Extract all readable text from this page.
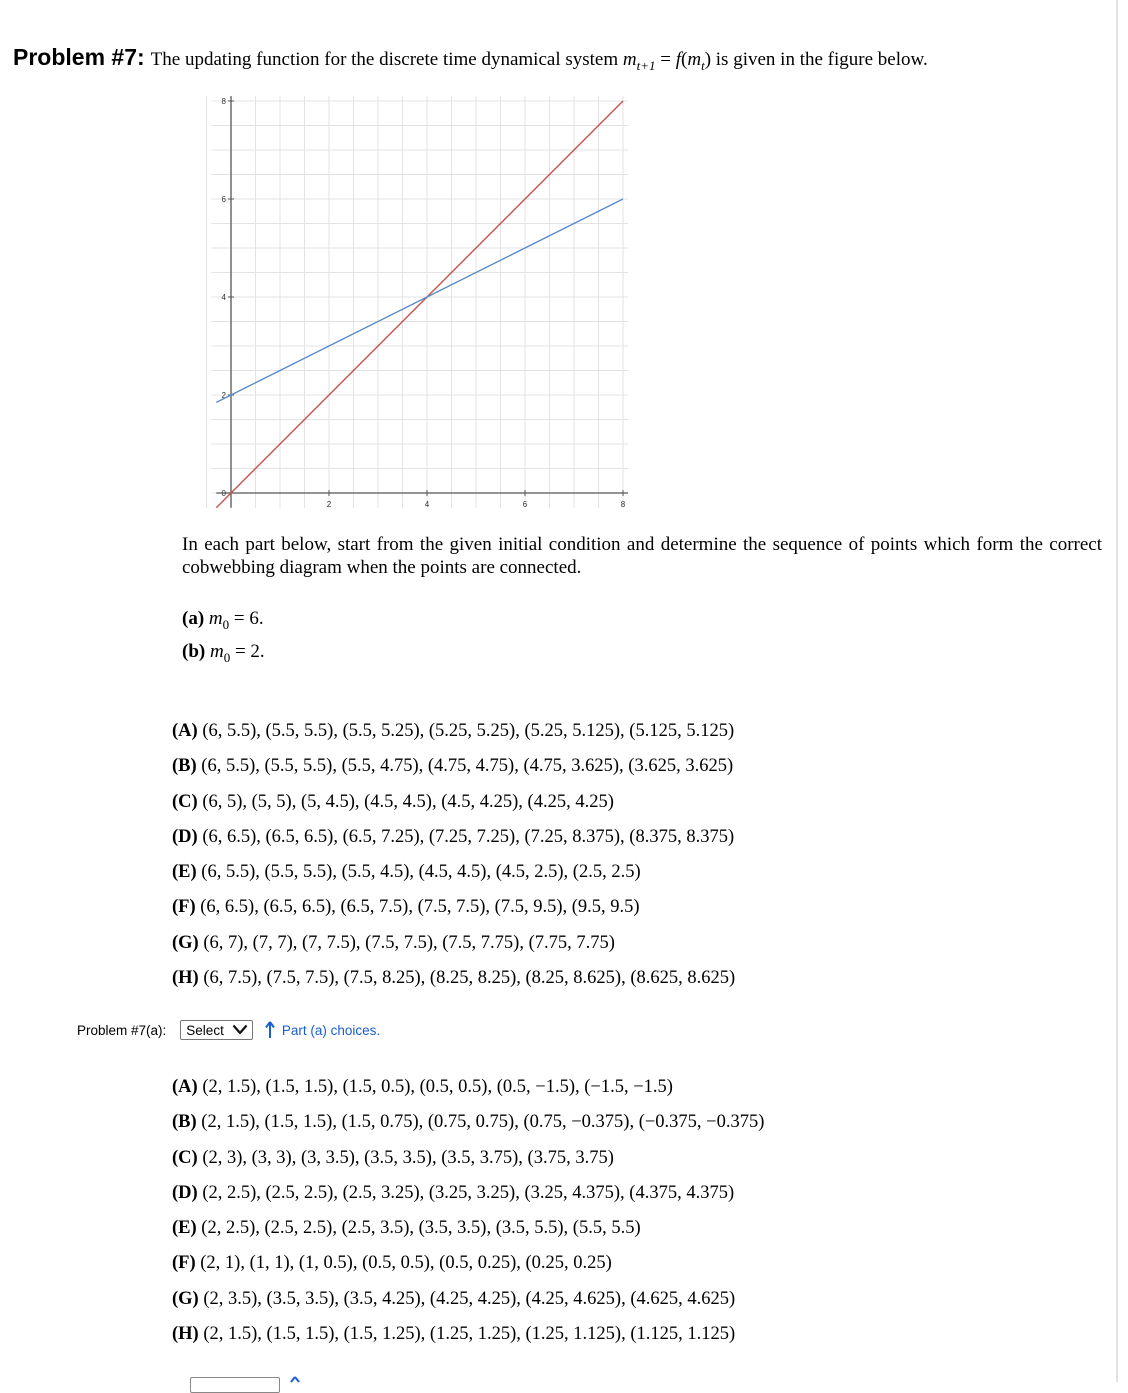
Problem #7: The updating function for the discrete time dynamical system $m_{t+1} = f(m_t)$ is given in the figure below.
2	4	6	8
2
4
6
8
0
In each part below, start from the given initial condition and determine the sequence of points which form the correct cobwebbing diagram when the points are connected.
(a) $m_0 = 6$.
(b) $m_0 = 2$.
(A) (6, 5.5), (5.5, 5.5), (5.5, 5.25), (5.25, 5.25), (5.25, 5.125), (5.125, 5.125)
(B) (6, 5.5), (5.5, 5.5), (5.5, 4.75), (4.75, 4.75), (4.75, 3.625), (3.625, 3.625)
(C) (6, 5), (5, 5), (5, 4.5), (4.5, 4.5), (4.5, 4.25), (4.25, 4.25)
(D) (6, 6.5), (6.5, 6.5), (6.5, 7.25), (7.25, 7.25), (7.25, 8.375), (8.375, 8.375)
(E) (6, 5.5), (5.5, 5.5), (5.5, 4.5), (4.5, 4.5), (4.5, 2.5), (2.5, 2.5)
(F) (6, 6.5), (6.5, 6.5), (6.5, 7.5), (7.5, 7.5), (7.5, 9.5), (9.5, 9.5)
(G) (6, 7), (7, 7), (7, 7.5), (7.5, 7.5), (7.5, 7.75), (7.75, 7.75)
(H) (6, 7.5), (7.5, 7.5), (7.5, 8.25), (8.25, 8.25), (8.25, 8.625), (8.625, 8.625)
Problem #7(a): Select	Part (a) choices.
(A) (2, 1.5), (1.5, 1.5), (1.5, 0.5), (0.5, 0.5), (0.5, −1.5), (−1.5, −1.5)
(B) (2, 1.5), (1.5, 1.5), (1.5, 0.75), (0.75, 0.75), (0.75, −0.375), (−0.375, −0.375)
(C) (2, 3), (3, 3), (3, 3.5), (3.5, 3.5), (3.5, 3.75), (3.75, 3.75)
(D) (2, 2.5), (2.5, 2.5), (2.5, 3.25), (3.25, 3.25), (3.25, 4.375), (4.375, 4.375)
(E) (2, 2.5), (2.5, 2.5), (2.5, 3.5), (3.5, 3.5), (3.5, 5.5), (5.5, 5.5)
(F) (2, 1), (1, 1), (1, 0.5), (0.5, 0.5), (0.5, 0.25), (0.25, 0.25)
(G) (2, 3.5), (3.5, 3.5), (3.5, 4.25), (4.25, 4.25), (4.25, 4.625), (4.625, 4.625)
(H) (2, 1.5), (1.5, 1.5), (1.5, 1.25), (1.25, 1.25), (1.25, 1.125), (1.125, 1.125)
